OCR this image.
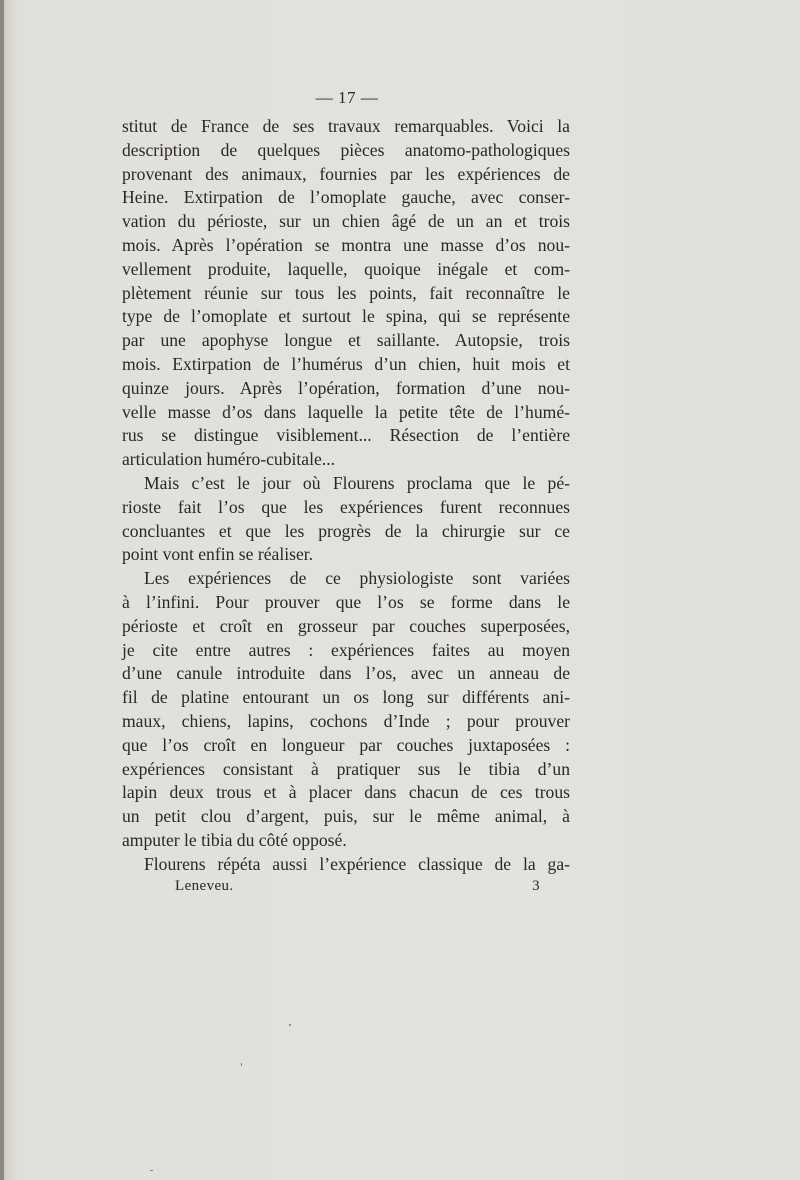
— 17 —
stitut de France de ses travaux remarquables. Voici la
description de quelques pièces anatomo-pathologiques
provenant des animaux, fournies par les expériences de
Heine. Extirpation de l’omoplate gauche, avec conser-
vation du périoste, sur un chien âgé de un an et trois
mois. Après l’opération se montra une masse d’os nou-
vellement produite, laquelle, quoique inégale et com-
plètement réunie sur tous les points, fait reconnaître le
type de l’omoplate et surtout le spina, qui se représente
par une apophyse longue et saillante. Autopsie, trois
mois. Extirpation de l’humérus d’un chien, huit mois et
quinze jours. Après l’opération, formation d’une nou-
velle masse d’os dans laquelle la petite tête de l’humé-
rus se distingue visiblement... Résection de l’entière
articulation huméro-cubitale...
Mais c’est le jour où Flourens proclama que le pé-
rioste fait l’os que les expériences furent reconnues
concluantes et que les progrès de la chirurgie sur ce
point vont enfin se réaliser.
Les expériences de ce physiologiste sont variées
à l’infini. Pour prouver que l’os se forme dans le
périoste et croît en grosseur par couches superposées,
je cite entre autres : expériences faites au moyen
d’une canule introduite dans l’os, avec un anneau de
fil de platine entourant un os long sur différents ani-
maux, chiens, lapins, cochons d’Inde ; pour prouver
que l’os croît en longueur par couches juxtaposées :
expériences consistant à pratiquer sus le tibia d’un
lapin deux trous et à placer dans chacun de ces trous
un petit clou d’argent, puis, sur le même animal, à
amputer le tibia du côté opposé.
Flourens répéta aussi l’expérience classique de la ga-
Leneveu.	3
